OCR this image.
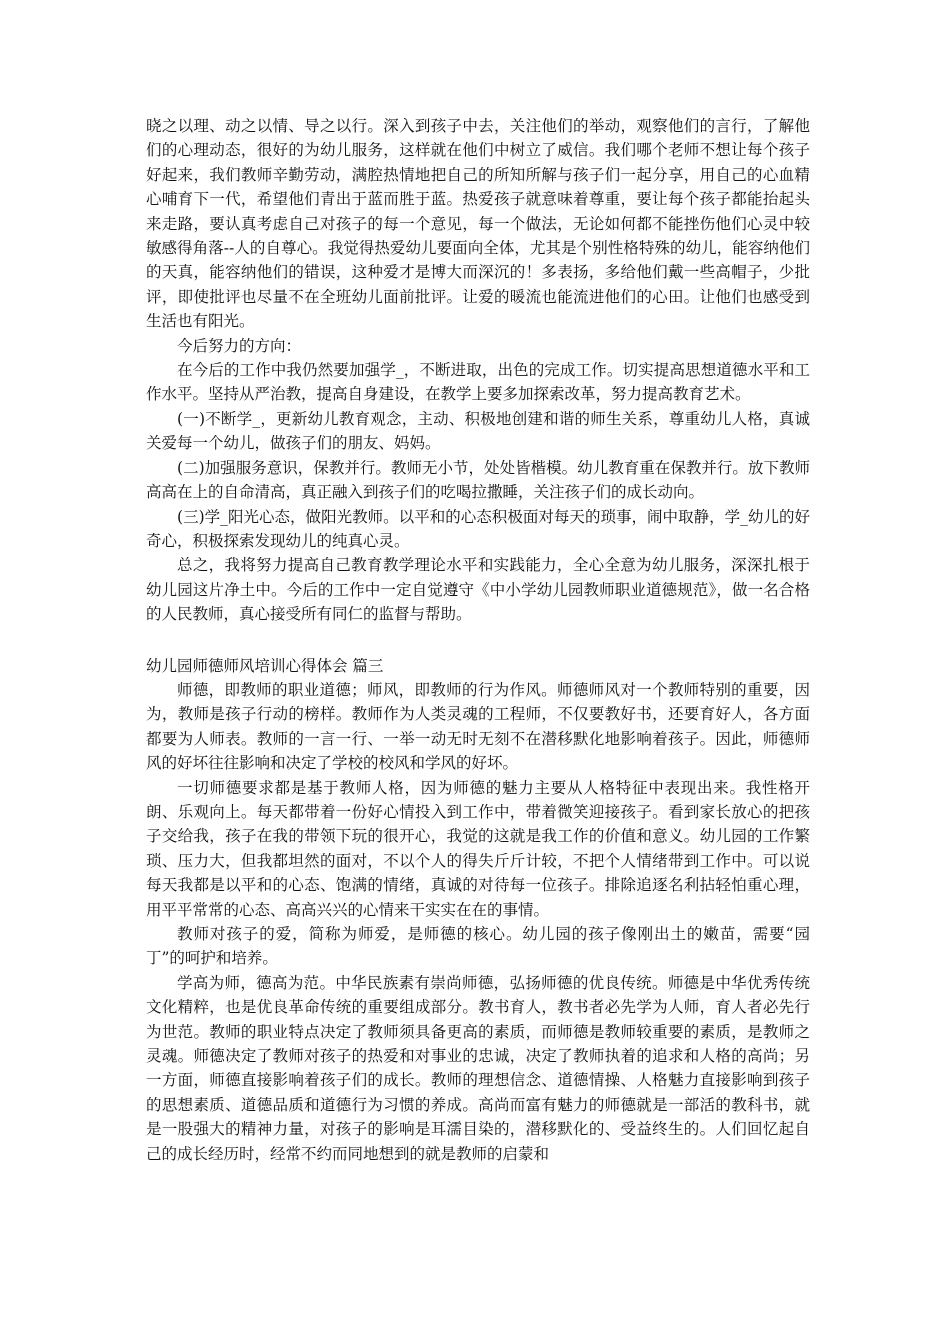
晓之以理、动之以情、导之以行。深入到孩子中去，关注他们的举动，观察他们的言行，了解他们的心理动态，很好的为幼儿服务，这样就在他们中树立了威信。我们哪个老师不想让每个孩子好起来，我们教师辛勤劳动，满腔热情地把自己的所知所解与孩子们一起分享，用自己的心血精心哺育下一代，希望他们青出于蓝而胜于蓝。热爱孩子就意味着尊重，要让每个孩子都能抬起头来走路，要认真考虑自己对孩子的每一个意见，每一个做法，无论如何都不能挫伤他们心灵中较敏感得角落--人的自尊心。我觉得热爱幼儿要面向全体，尤其是个别性格特殊的幼儿，能容纳他们的天真，能容纳他们的错误，这种爱才是博大而深沉的！多表扬，多给他们戴一些高帽子，少批评，即使批评也尽量不在全班幼儿面前批评。让爱的暖流也能流进他们的心田。让他们也感受到生活也有阳光。

今后努力的方向：

在今后的工作中我仍然要加强学_，不断进取，出色的完成工作。切实提高思想道德水平和工作水平。坚持从严治教，提高自身建设，在教学上要多加探索改革，努力提高教育艺术。

(一)不断学_，更新幼儿教育观念，主动、积极地创建和谐的师生关系，尊重幼儿人格，真诚关爱每一个幼儿，做孩子们的朋友、妈妈。

(二)加强服务意识，保教并行。教师无小节，处处皆楷模。幼儿教育重在保教并行。放下教师高高在上的自命清高，真正融入到孩子们的吃喝拉撒睡，关注孩子们的成长动向。

(三)学_阳光心态，做阳光教师。以平和的心态积极面对每天的琐事，闹中取静，学_幼儿的好奇心，积极探索发现幼儿的纯真心灵。

总之，我将努力提高自己教育教学理论水平和实践能力，全心全意为幼儿服务，深深扎根于幼儿园这片净土中。今后的工作中一定自觉遵守《中小学幼儿园教师职业道德规范》，做一名合格的人民教师，真心接受所有同仁的监督与帮助。

幼儿园师德师风培训心得体会 篇三

师德，即教师的职业道德；师风，即教师的行为作风。师德师风对一个教师特别的重要，因为，教师是孩子行动的榜样。教师作为人类灵魂的工程师，不仅要教好书，还要育好人，各方面都要为人师表。教师的一言一行、一举一动无时无刻不在潜移默化地影响着孩子。因此，师德师风的好坏往往影响和决定了学校的校风和学风的好坏。

一切师德要求都是基于教师人格，因为师德的魅力主要从人格特征中表现出来。我性格开朗、乐观向上。每天都带着一份好心情投入到工作中，带着微笑迎接孩子。看到家长放心的把孩子交给我，孩子在我的带领下玩的很开心，我觉的这就是我工作的价值和意义。幼儿园的工作繁琐、压力大，但我都坦然的面对，不以个人的得失斤斤计较，不把个人情绪带到工作中。可以说每天我都是以平和的心态、饱满的情绪，真诚的对待每一位孩子。排除追逐名利拈轻怕重心理，用平平常常的心态、高高兴兴的心情来干实实在在的事情。

教师对孩子的爱，简称为师爱，是师德的核心。幼儿园的孩子像刚出土的嫩苗，需要“园丁”的呵护和培养。

学高为师，德高为范。中华民族素有崇尚师德，弘扬师德的优良传统。师德是中华优秀传统文化精粹，也是优良革命传统的重要组成部分。教书育人，教书者必先学为人师，育人者必先行为世范。教师的职业特点决定了教师须具备更高的素质，而师德是教师较重要的素质，是教师之灵魂。师德决定了教师对孩子的热爱和对事业的忠诚，决定了教师执着的追求和人格的高尚；另一方面，师德直接影响着孩子们的成长。教师的理想信念、道德情操、人格魅力直接影响到孩子的思想素质、道德品质和道德行为习惯的养成。高尚而富有魅力的师德就是一部活的教科书，就是一股强大的精神力量，对孩子的影响是耳濡目染的，潜移默化的、受益终生的。人们回忆起自己的成长经历时，经常不约而同地想到的就是教师的启蒙和
